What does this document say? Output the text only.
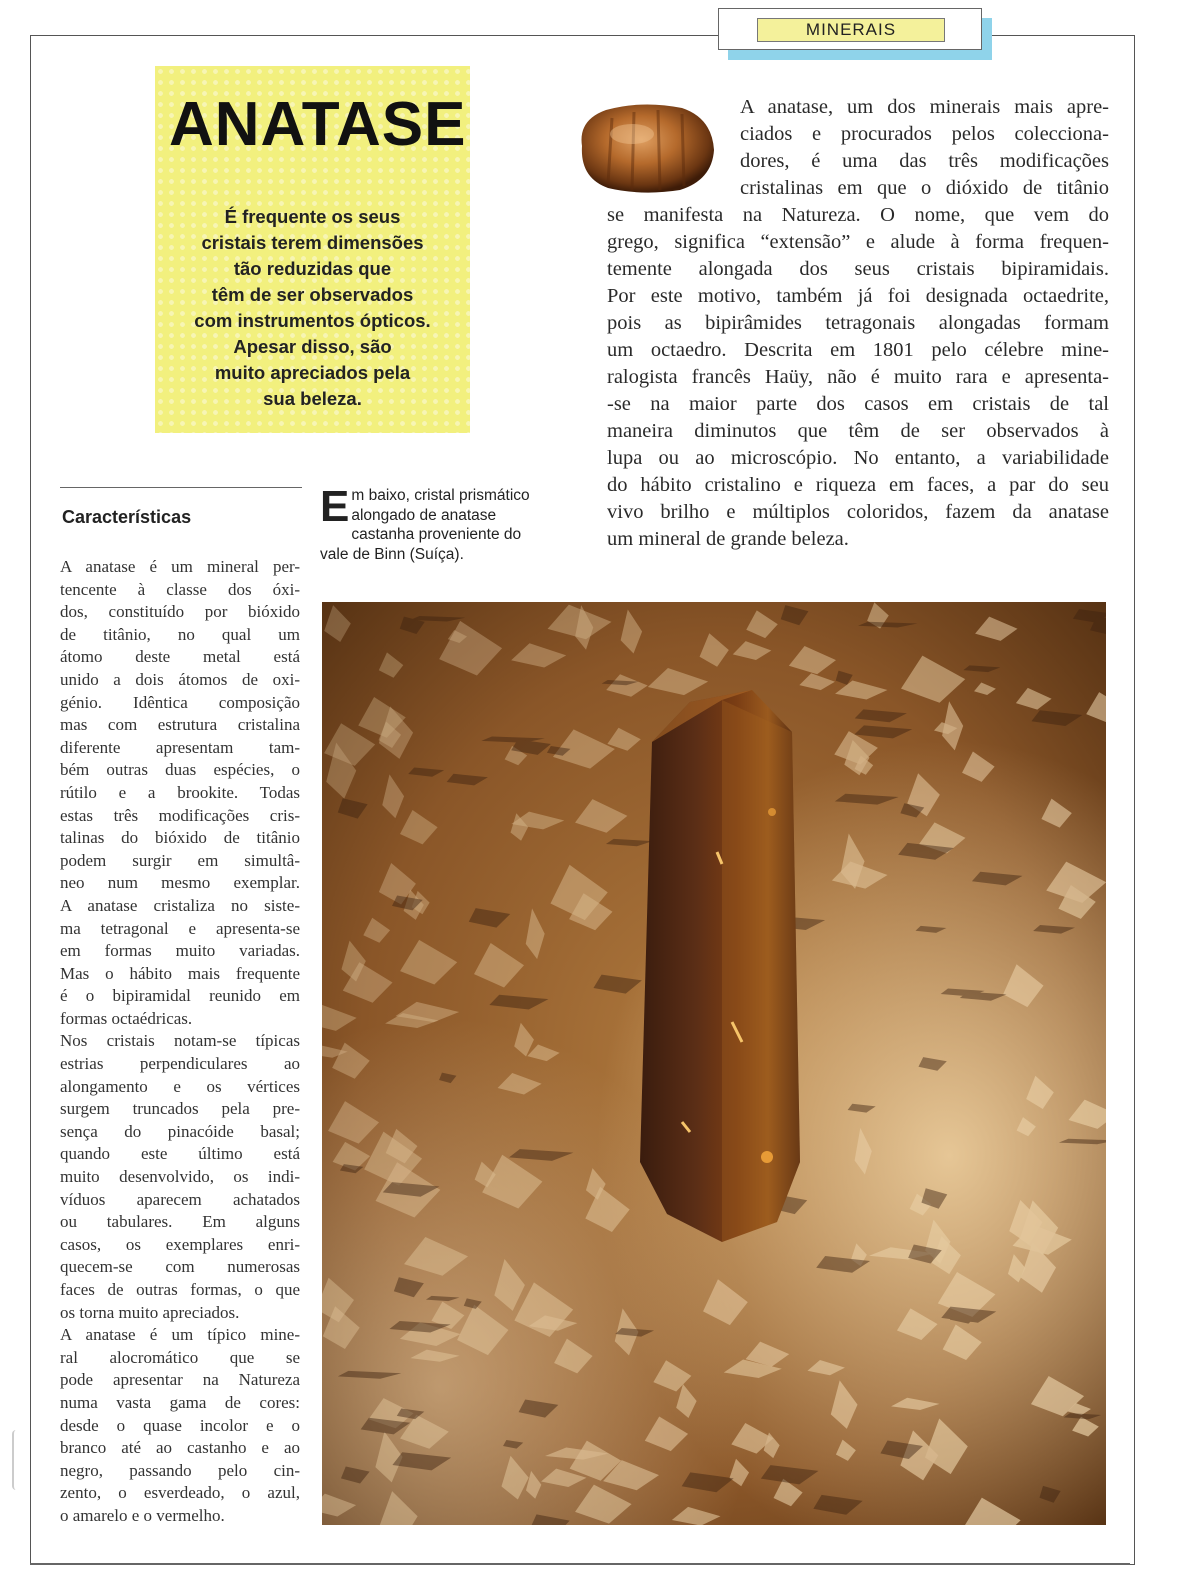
MINERAIS
ANATASE
É frequente os seus
cristais terem dimensões
tão reduzidas que
têm de ser observados
com instrumentos ópticos.
Apesar disso, são
muito apreciados pela
sua beleza.
A anatase, um dos minerais mais apre-
ciados e procurados pelos colecciona-
dores, é uma das três modificações
cristalinas em que o dióxido de titânio
se manifesta na Natureza. O nome, que vem do
grego, significa “extensão” e alude à forma frequen-
temente alongada dos seus cristais bipiramidais.
Por este motivo, também já foi designada octaedrite,
pois as bipirâmides tetragonais alongadas formam
um octaedro. Descrita em 1801 pelo célebre mine-
ralogista francês Haüy, não é muito rara e apresenta-
-se na maior parte dos casos em cristais de tal
maneira diminutos que têm de ser observados à
lupa ou ao microscópio. No entanto, a variabilidade
do hábito cristalino e riqueza em faces, a par do seu
vivo brilho e múltiplos coloridos, fazem da anatase
um mineral de grande beleza.
Características
A anatase é um mineral per-
tencente à classe dos óxi-
dos, constituído por bióxido
de titânio, no qual um
átomo deste metal está
unido a dois átomos de oxi-
génio. Idêntica composição
mas com estrutura cristalina
diferente apresentam tam-
bém outras duas espécies, o
rútilo e a brookite. Todas
estas três modificações cris-
talinas do bióxido de titânio
podem surgir em simultâ-
neo num mesmo exemplar.
A anatase cristaliza no siste-
ma tetragonal e apresenta-se
em formas muito variadas.
Mas o hábito mais frequente
é o bipiramidal reunido em
formas octaédricas.
Nos cristais notam-se típicas
estrias perpendiculares ao
alongamento e os vértices
surgem truncados pela pre-
sença do pinacóide basal;
quando este último está
muito desenvolvido, os indi-
víduos aparecem achatados
ou tabulares. Em alguns
casos, os exemplares enri-
quecem-se com numerosas
faces de outras formas, o que
os torna muito apreciados.
A anatase é um típico mine-
ral alocromático que se
pode apresentar na Natureza
numa vasta gama de cores:
desde o quase incolor e o
branco até ao castanho e ao
negro, passando pelo cin-
zento, o esverdeado, o azul,
o amarelo e o vermelho.
E m baixo, cristal prismático
alongado de anatase
castanha proveniente do
vale de Binn (Suíça).
